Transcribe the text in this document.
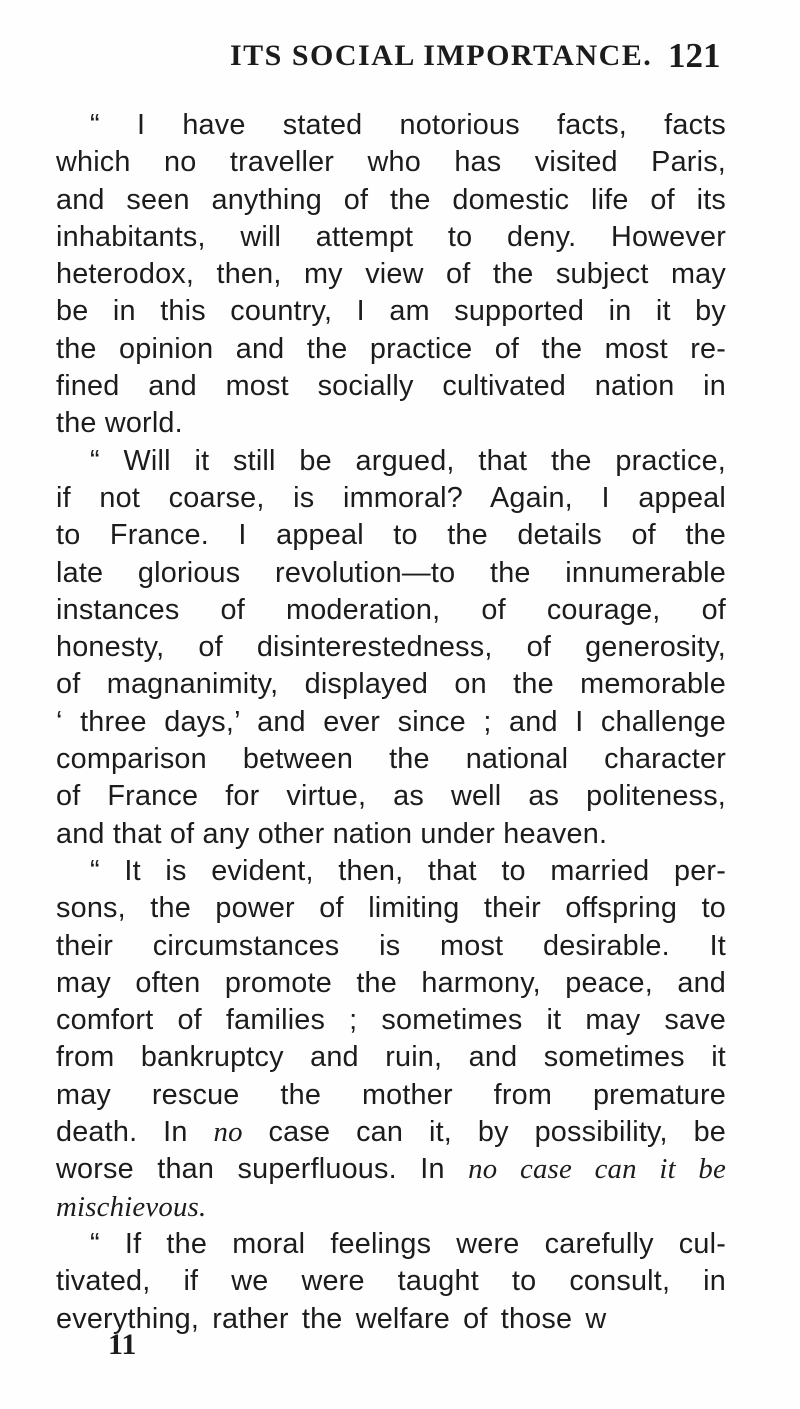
ITS SOCIAL IMPORTANCE. 121
“ I have stated notorious facts, facts
which no traveller who has visited Paris,
and seen anything of the domestic life of its
inhabitants, will attempt to deny. However
heterodox, then, my view of the subject may
be in this country, I am supported in it by
the opinion and the practice of the most re-
fined and most socially cultivated nation in
the world.
“ Will it still be argued, that the practice,
if not coarse, is immoral? Again, I appeal
to France. I appeal to the details of the
late glorious revolution—to the innumerable
instances of moderation, of courage, of
honesty, of disinterestedness, of generosity,
of magnanimity, displayed on the memorable
‘ three days,’ and ever since ; and I challenge
comparison between the national character
of France for virtue, as well as politeness,
and that of any other nation under heaven.
“ It is evident, then, that to married per-
sons, the power of limiting their offspring to
their circumstances is most desirable. It
may often promote the harmony, peace, and
comfort of families ; sometimes it may save
from bankruptcy and ruin, and sometimes it
may rescue the mother from premature
death. In no case can it, by possibility, be
worse than superfluous. In no case can it be
mischievous.
“ If the moral feelings were carefully cul-
tivated, if we were taught to consult, in
everything, rather the welfare of those w
11
